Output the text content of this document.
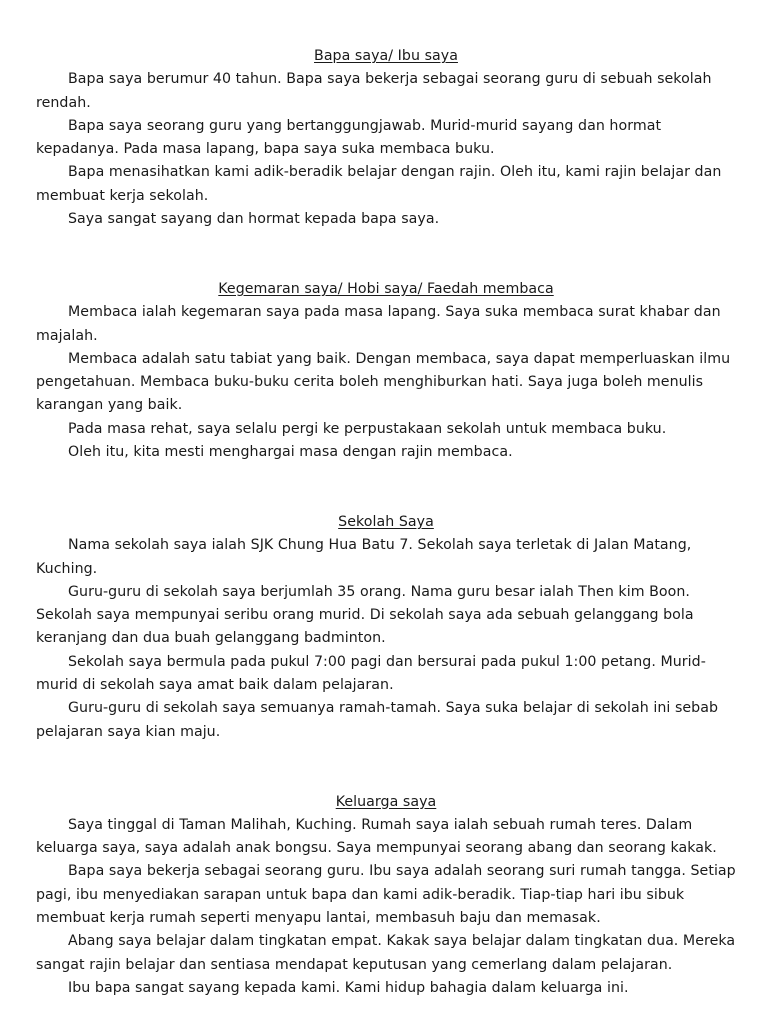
Bapa saya/ Ibu saya

Bapa saya berumur 40 tahun. Bapa saya bekerja sebagai seorang guru di sebuah sekolah rendah.

Bapa saya seorang guru yang bertanggungjawab. Murid-murid sayang dan hormat kepadanya. Pada masa lapang, bapa saya suka membaca buku.

Bapa menasihatkan kami adik-beradik belajar dengan rajin. Oleh itu, kami rajin belajar dan membuat kerja sekolah.

Saya sangat sayang dan hormat kepada bapa saya.

Kegemaran saya/ Hobi saya/ Faedah membaca

Membaca ialah kegemaran saya pada masa lapang. Saya suka membaca surat khabar dan majalah.

Membaca adalah satu tabiat yang baik. Dengan membaca, saya dapat memperluaskan ilmu pengetahuan. Membaca buku-buku cerita boleh menghiburkan hati. Saya juga boleh menulis karangan yang baik.

Pada masa rehat, saya selalu pergi ke perpustakaan sekolah untuk membaca buku.

Oleh itu, kita mesti menghargai masa dengan rajin membaca.

Sekolah Saya

Nama sekolah saya ialah SJK Chung Hua Batu 7. Sekolah saya terletak di Jalan Matang, Kuching.

Guru-guru di sekolah saya berjumlah 35 orang. Nama guru besar ialah Then kim Boon. Sekolah saya mempunyai seribu orang murid. Di sekolah saya ada sebuah gelanggang bola keranjang dan dua buah gelanggang badminton.

Sekolah saya bermula pada pukul 7:00 pagi dan bersurai pada pukul 1:00 petang. Murid-murid di sekolah saya amat baik dalam pelajaran.

Guru-guru di sekolah saya semuanya ramah-tamah. Saya suka belajar di sekolah ini sebab pelajaran saya kian maju.

Keluarga saya

Saya tinggal di Taman Malihah, Kuching. Rumah saya ialah sebuah rumah teres. Dalam keluarga saya, saya adalah anak bongsu. Saya mempunyai seorang abang dan seorang kakak.

Bapa saya bekerja sebagai seorang guru. Ibu saya adalah seorang suri rumah tangga. Setiap pagi, ibu menyediakan sarapan untuk bapa dan kami adik-beradik. Tiap-tiap hari ibu sibuk membuat kerja rumah seperti menyapu lantai, membasuh baju dan memasak.

Abang saya belajar dalam tingkatan empat. Kakak saya belajar dalam tingkatan dua. Mereka sangat rajin belajar dan sentiasa mendapat keputusan yang cemerlang dalam pelajaran.

Ibu bapa sangat sayang kepada kami. Kami hidup bahagia dalam keluarga ini.
